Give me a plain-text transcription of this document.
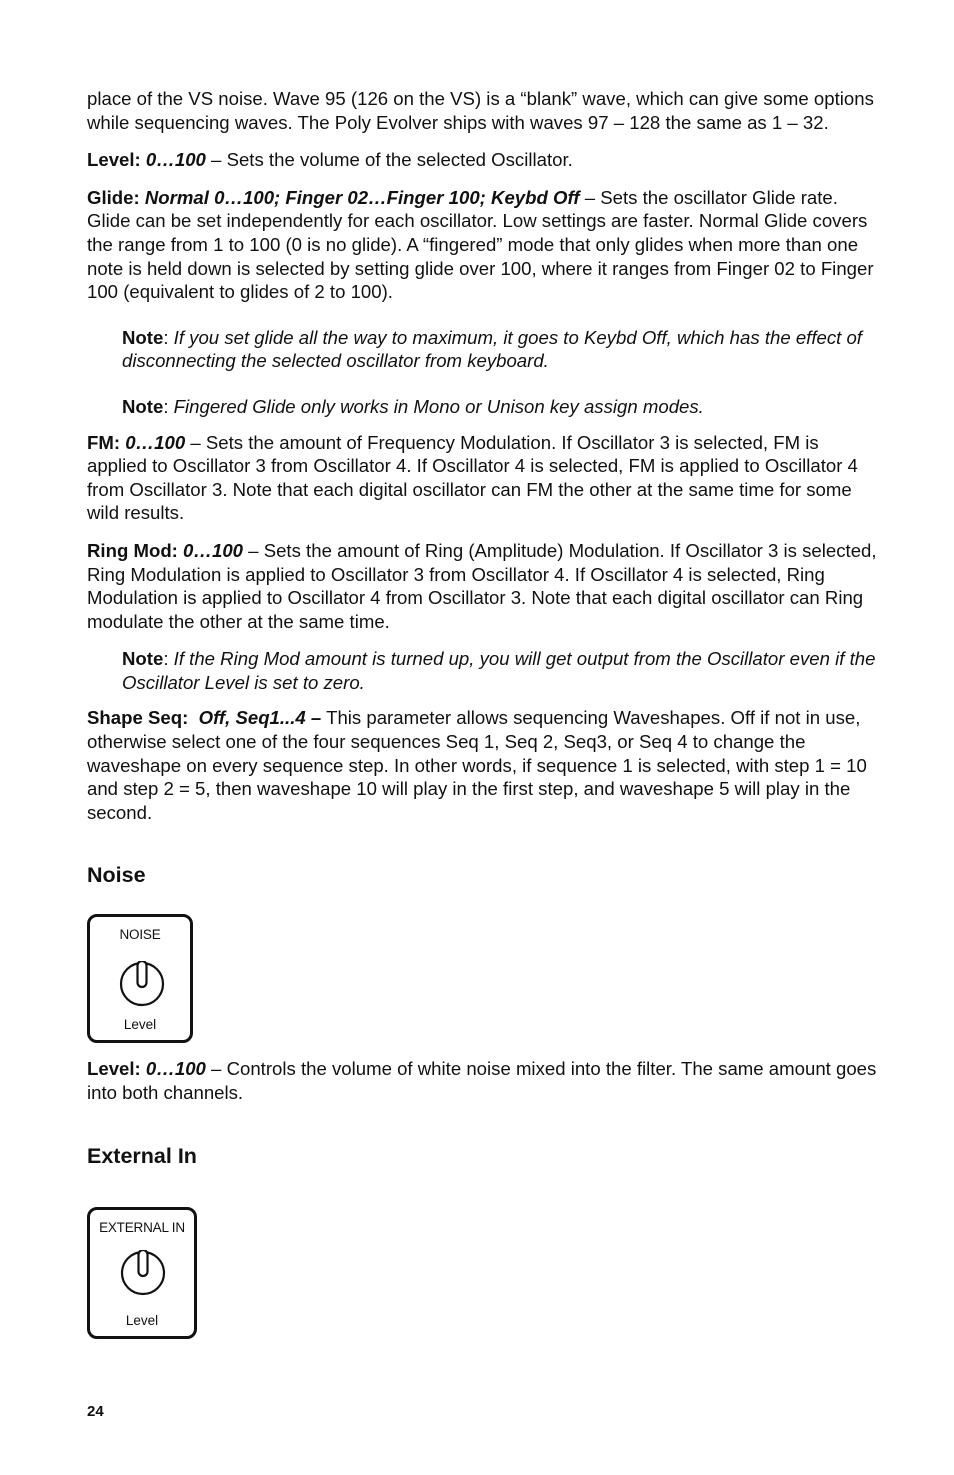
place of the VS noise. Wave 95 (126 on the VS) is a “blank” wave, which can give some options while sequencing waves. The Poly Evolver ships with waves 97 – 128 the same as 1 – 32.

Level: 0…100 – Sets the volume of the selected Oscillator.

Glide: Normal 0…100; Finger 02…Finger 100; Keybd Off – Sets the oscillator Glide rate. Glide can be set independently for each oscillator. Low settings are faster. Normal Glide covers the range from 1 to 100 (0 is no glide). A “fingered” mode that only glides when more than one note is held down is selected by setting glide over 100, where it ranges from Finger 02 to Finger 100 (equivalent to glides of 2 to 100).

Note: If you set glide all the way to maximum, it goes to Keybd Off, which has the effect of disconnecting the selected oscillator from keyboard.

Note: Fingered Glide only works in Mono or Unison key assign modes.

FM: 0…100 – Sets the amount of Frequency Modulation. If Oscillator 3 is selected, FM is applied to Oscillator 3 from Oscillator 4. If Oscillator 4 is selected, FM is applied to Oscillator 4 from Oscillator 3. Note that each digital oscillator can FM the other at the same time for some wild results.

Ring Mod: 0…100 – Sets the amount of Ring (Amplitude) Modulation. If Oscillator 3 is selected, Ring Modulation is applied to Oscillator 3 from Oscillator 4. If Oscillator 4 is selected, Ring Modulation is applied to Oscillator 4 from Oscillator 3. Note that each digital oscillator can Ring modulate the other at the same time.

Note: If the Ring Mod amount is turned up, you will get output from the Oscillator even if the Oscillator Level is set to zero.

Shape Seq: Off, Seq1...4 – This parameter allows sequencing Waveshapes. Off if not in use, otherwise select one of the four sequences Seq 1, Seq 2, Seq3, or Seq 4 to change the waveshape on every sequence step. In other words, if sequence 1 is selected, with step 1 = 10 and step 2 = 5, then waveshape 10 will play in the first step, and waveshape 5 will play in the second.

Noise
NOISE
Level

Level: 0…100 – Controls the volume of white noise mixed into the filter. The same amount goes into both channels.

External In
EXTERNAL IN
Level
24
